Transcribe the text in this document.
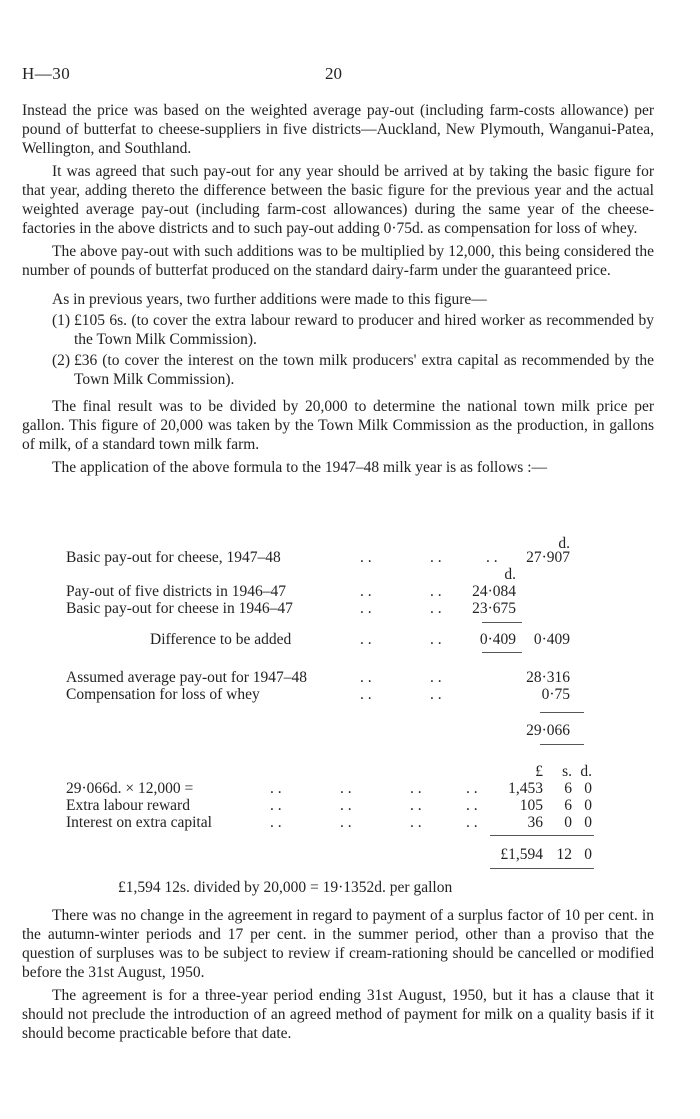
H—30	20

Instead the price was based on the weighted average pay-out (including farm-costs allowance) per pound of butterfat to cheese-suppliers in five districts—Auckland, New Plymouth, Wanganui-Patea, Wellington, and Southland.

It was agreed that such pay-out for any year should be arrived at by taking the basic figure for that year, adding thereto the difference between the basic figure for the previous year and the actual weighted average pay-out (including farm-cost allowances) during the same year of the cheese-factories in the above districts and to such pay-out adding 0·75d. as compensation for loss of whey.

The above pay-out with such additions was to be multiplied by 12,000, this being considered the number of pounds of butterfat produced on the standard dairy-farm under the guaranteed price.

As in previous years, two further additions were made to this figure—

(1) £105 6s. (to cover the extra labour reward to producer and hired worker as recommended by the Town Milk Commission).
(2) £36 (to cover the interest on the town milk producers' extra capital as recommended by the Town Milk Commission).

The final result was to be divided by 20,000 to determine the national town milk price per gallon. This figure of 20,000 was taken by the Town Milk Commission as the production, in gallons of milk, of a standard town milk farm.

The application of the above formula to the 1947–48 milk year is as follows :—

d.
Basic pay-out for cheese, 1947–48	. .	. .	. .	27·907
d.
Pay-out of five districts in 1946–47	. .	. .	24·084
Basic pay-out for cheese in 1946–47	. .	. .	23·675
Difference to be added	. .	. .	0·409	0·409
Assumed average pay-out for 1947–48	. .	. .	28·316
Compensation for loss of whey	. .	. .	0·75
29·066
£	s. d.
29·066d. × 12,000 =	. .	. .	. .	. .	1,453	6 0
Extra labour reward	. .	. .	. .	. .	105	6 0
Interest on extra capital	. .	. .	. .	. .	36	0 0
£1,594 12 0
£1,594 12s. divided by 20,000 = 19·1352d. per gallon

There was no change in the agreement in regard to payment of a surplus factor of 10 per cent. in the autumn-winter periods and 17 per cent. in the summer period, other than a proviso that the question of surpluses was to be subject to review if cream-rationing should be cancelled or modified before the 31st August, 1950.

The agreement is for a three-year period ending 31st August, 1950, but it has a clause that it should not preclude the introduction of an agreed method of payment for milk on a quality basis if it should become practicable before that date.
